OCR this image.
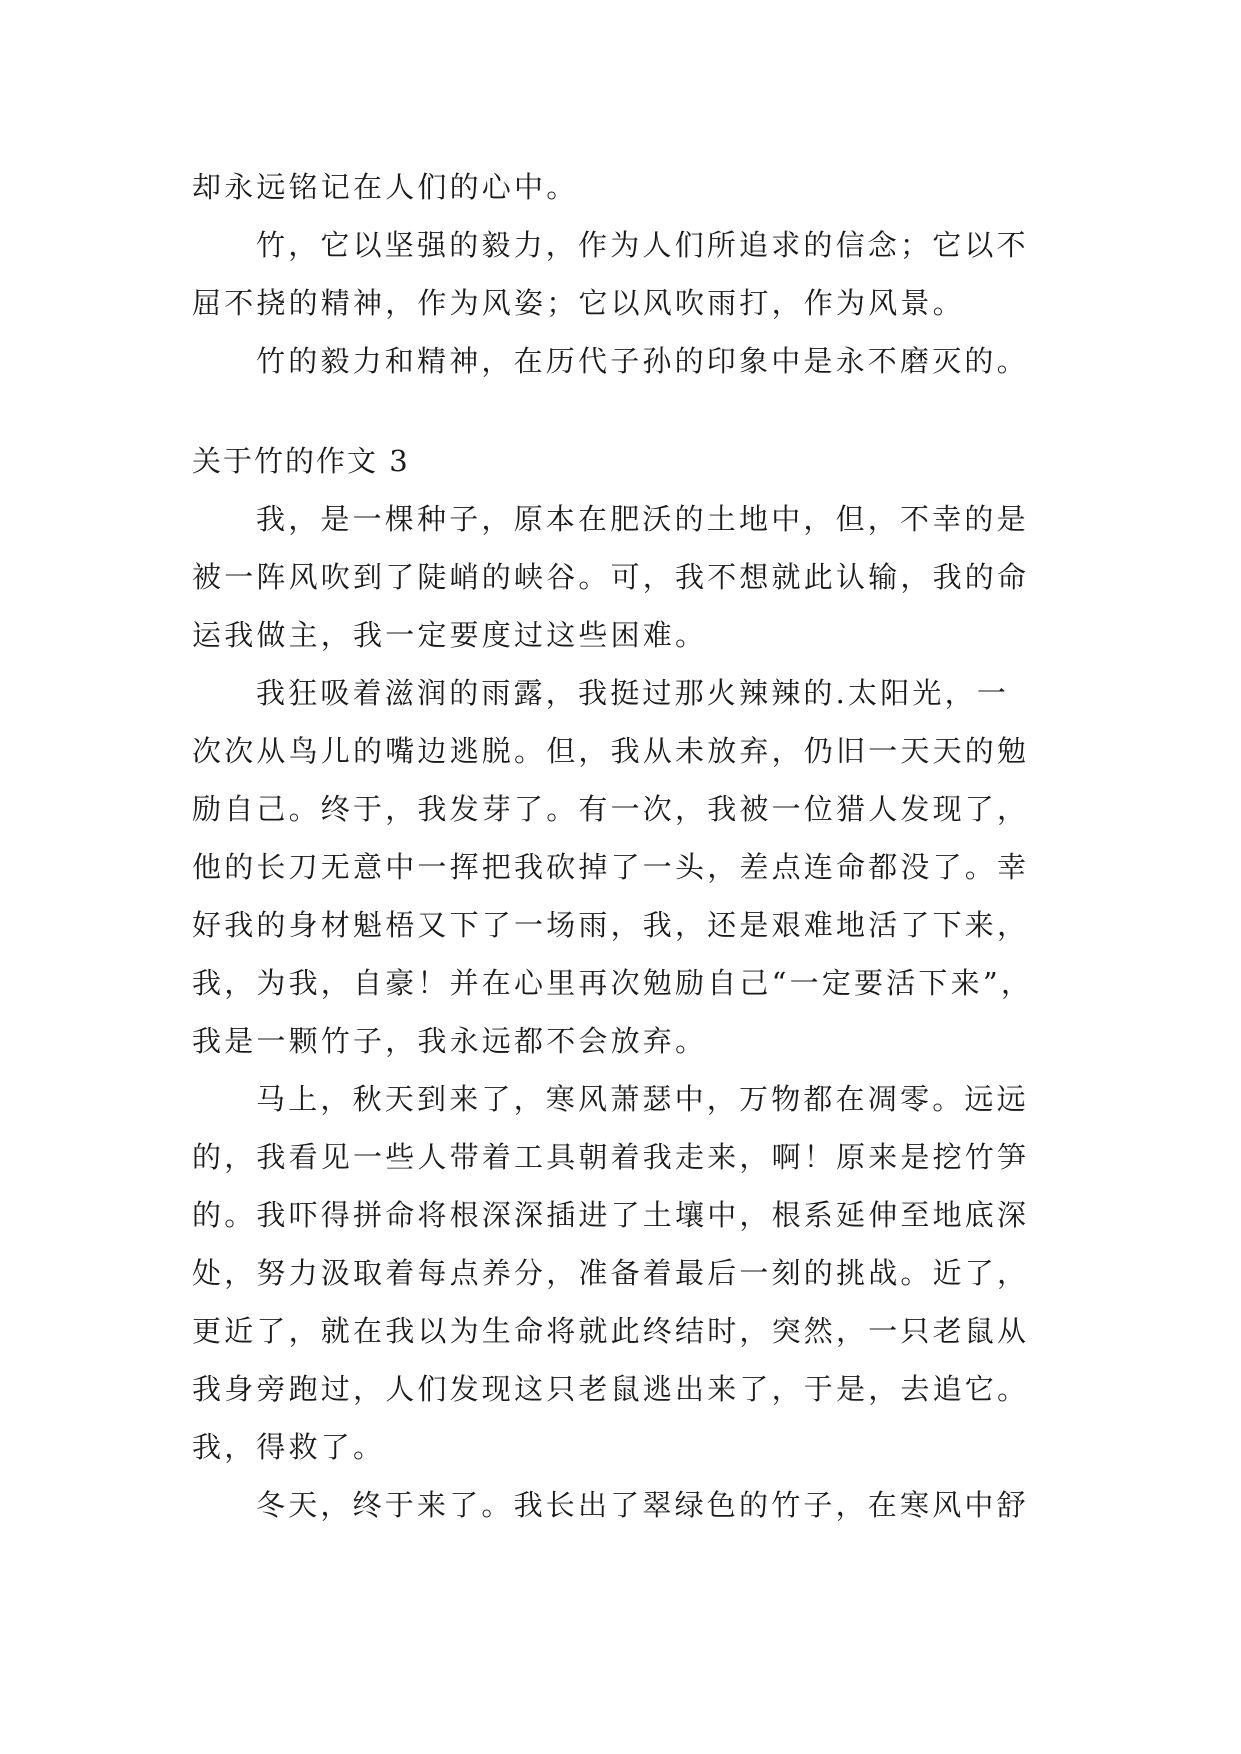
却永远铭记在人们的心中。
竹，它以坚强的毅力，作为人们所追求的信念；它以不
屈不挠的精神，作为风姿；它以风吹雨打，作为风景。
竹的毅力和精神，在历代子孙的印象中是永不磨灭的。
关于竹的作文 3
我，是一棵种子，原本在肥沃的土地中，但，不幸的是
被一阵风吹到了陡峭的峡谷。可，我不想就此认输，我的命
运我做主，我一定要度过这些困难。
我狂吸着滋润的雨露，我挺过那火辣辣的.太阳光，一
次次从鸟儿的嘴边逃脱。但，我从未放弃，仍旧一天天的勉
励自己。终于，我发芽了。有一次，我被一位猎人发现了，
他的长刀无意中一挥把我砍掉了一头，差点连命都没了。幸
好我的身材魁梧又下了一场雨，我，还是艰难地活了下来，
我，为我，自豪！并在心里再次勉励自己“一定要活下来”，
我是一颗竹子，我永远都不会放弃。
马上，秋天到来了，寒风萧瑟中，万物都在凋零。远远
的，我看见一些人带着工具朝着我走来，啊！原来是挖竹笋
的。我吓得拼命将根深深插进了土壤中，根系延伸至地底深
处，努力汲取着每点养分，准备着最后一刻的挑战。近了，
更近了，就在我以为生命将就此终结时，突然，一只老鼠从
我身旁跑过，人们发现这只老鼠逃出来了，于是，去追它。
我，得救了。
冬天，终于来了。我长出了翠绿色的竹子，在寒风中舒
